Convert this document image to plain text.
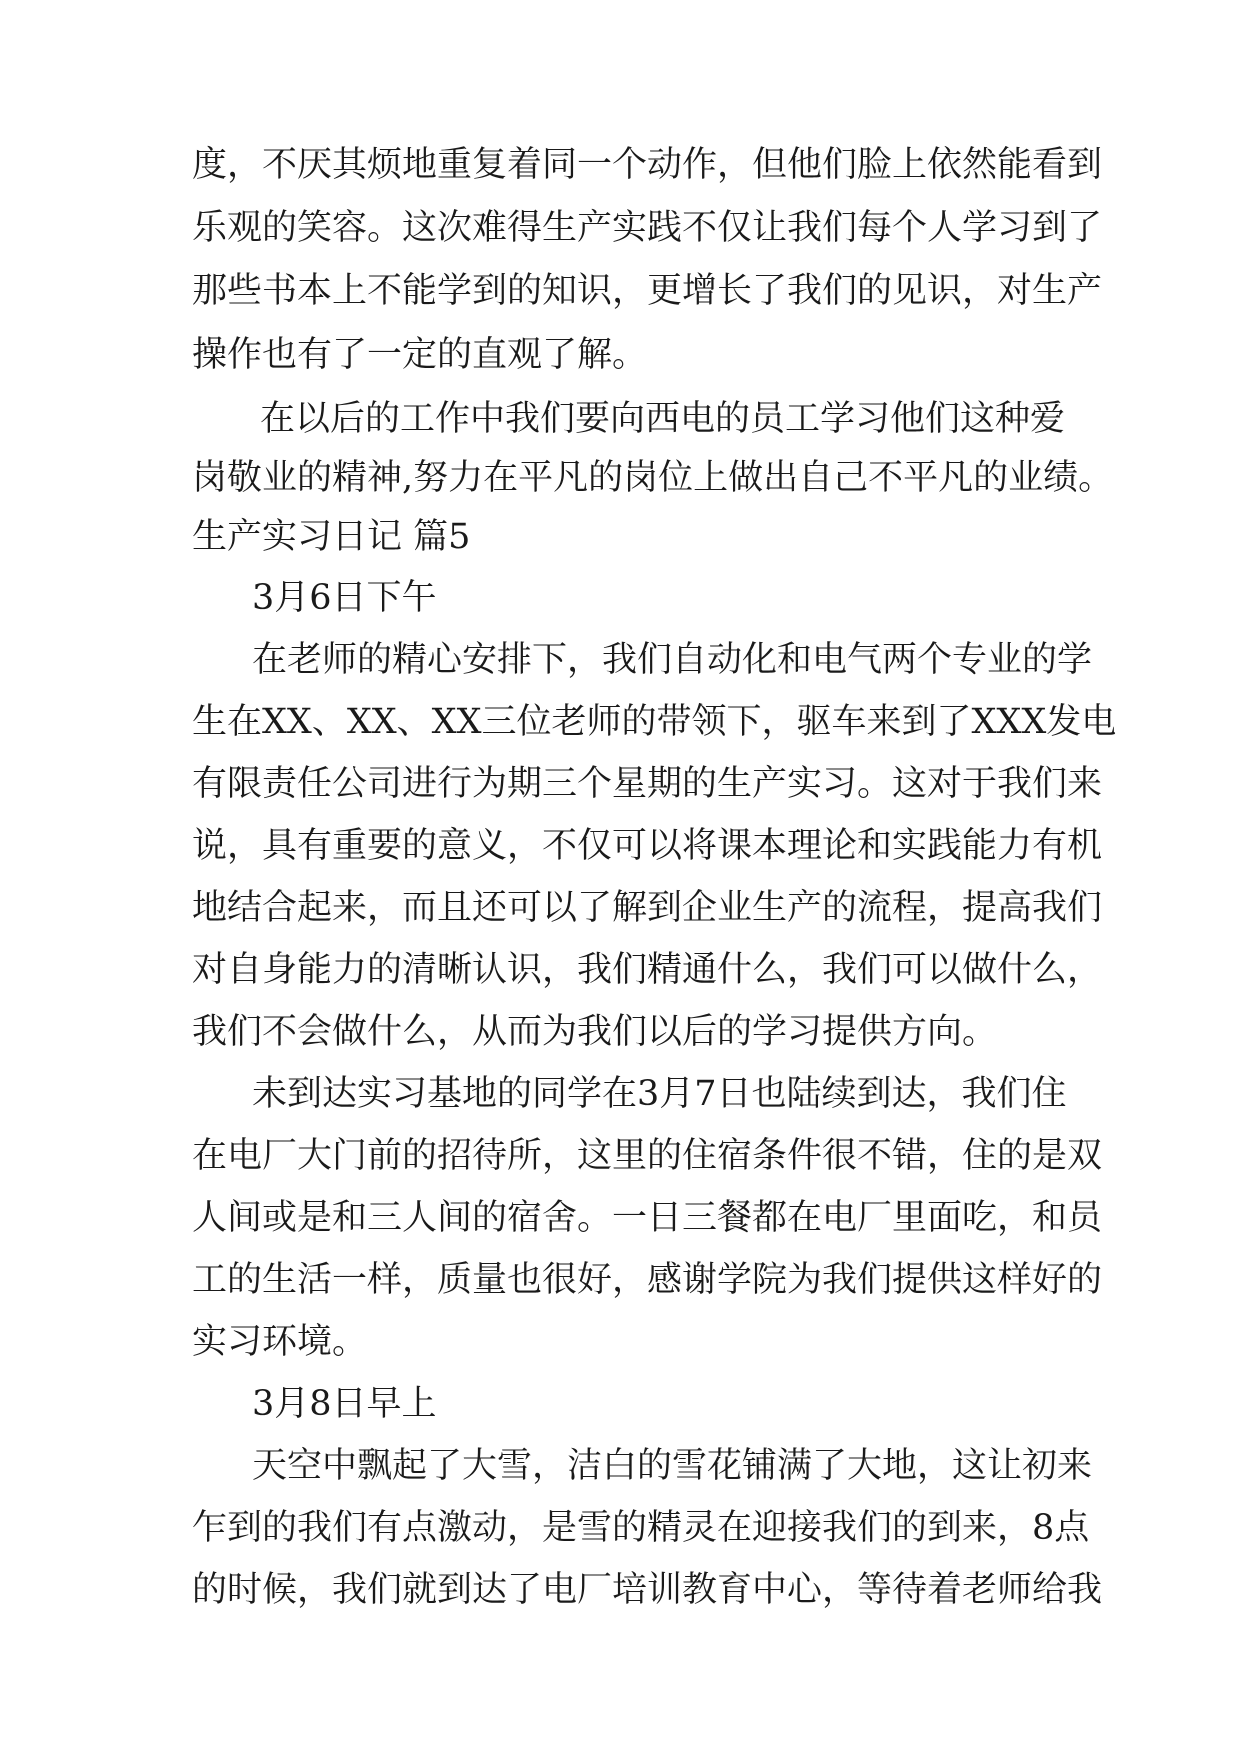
度，不厌其烦地重复着同一个动作，但他们脸上依然能看到
乐观的笑容。这次难得生产实践不仅让我们每个人学习到了
那些书本上不能学到的知识，更增长了我们的见识，对生产
操作也有了一定的直观了解。
在以后的工作中我们要向西电的员工学习他们这种爱
岗敬业的精神,努力在平凡的岗位上做出自己不平凡的业绩。
生产实习日记 篇5
3月6日下午
在老师的精心安排下，我们自动化和电气两个专业的学
生在XX、XX、XX三位老师的带领下，驱车来到了XXX发电
有限责任公司进行为期三个星期的生产实习。这对于我们来
说，具有重要的意义，不仅可以将课本理论和实践能力有机
地结合起来，而且还可以了解到企业生产的流程，提高我们
对自身能力的清晰认识，我们精通什么，我们可以做什么，
我们不会做什么，从而为我们以后的学习提供方向。
未到达实习基地的同学在3月7日也陆续到达，我们住
在电厂大门前的招待所，这里的住宿条件很不错，住的是双
人间或是和三人间的宿舍。一日三餐都在电厂里面吃，和员
工的生活一样，质量也很好，感谢学院为我们提供这样好的
实习环境。
3月8日早上
天空中飘起了大雪，洁白的雪花铺满了大地，这让初来
乍到的我们有点激动，是雪的精灵在迎接我们的到来，8点
的时候，我们就到达了电厂培训教育中心，等待着老师给我
